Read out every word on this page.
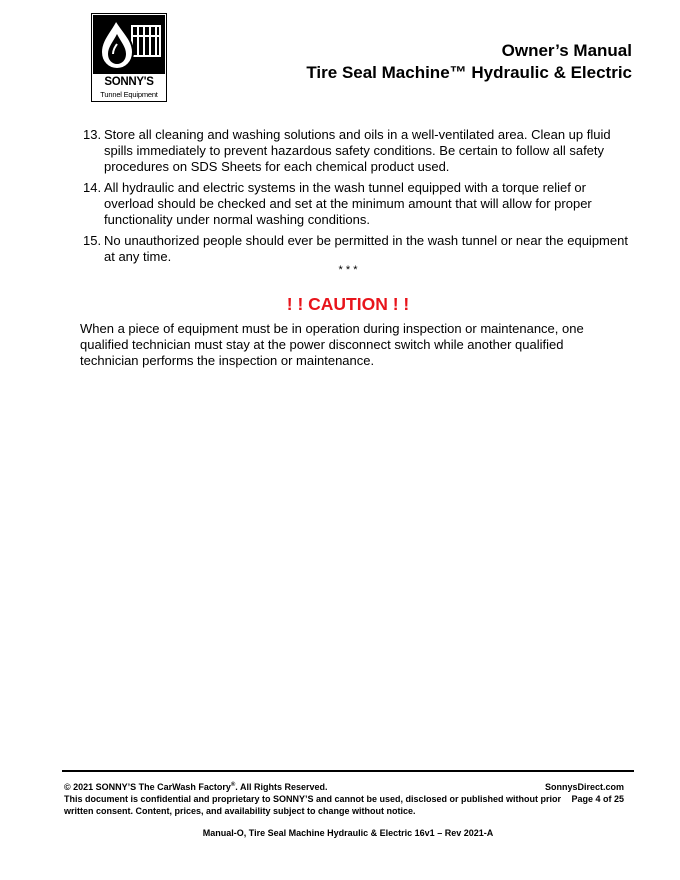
SONNY'S
Tunnel Equipment
Owner’s Manual
Tire Seal Machine™ Hydraulic & Electric
13. Store all cleaning and washing solutions and oils in a well-ventilated area. Clean up fluid spills immediately to prevent hazardous safety conditions. Be certain to follow all safety procedures on SDS Sheets for each chemical product used.
14. All hydraulic and electric systems in the wash tunnel equipped with a torque relief or overload should be checked and set at the minimum amount that will allow for proper functionality under normal washing conditions.
15. No unauthorized people should ever be permitted in the wash tunnel or near the equipment at any time.
* * *
! ! CAUTION ! !
When a piece of equipment must be in operation during inspection or maintenance, one qualified technician must stay at the power disconnect switch while another qualified technician performs the inspection or maintenance.
© 2021 SONNY’S The CarWash Factory®. All Rights Reserved.	SonnysDirect.com
This document is confidential and proprietary to SONNY’S and cannot be used, disclosed or published without prior written consent. Content, prices, and availability subject to change without notice.
Page 4 of 25
Manual-O, Tire Seal Machine Hydraulic & Electric 16v1 – Rev 2021-A
